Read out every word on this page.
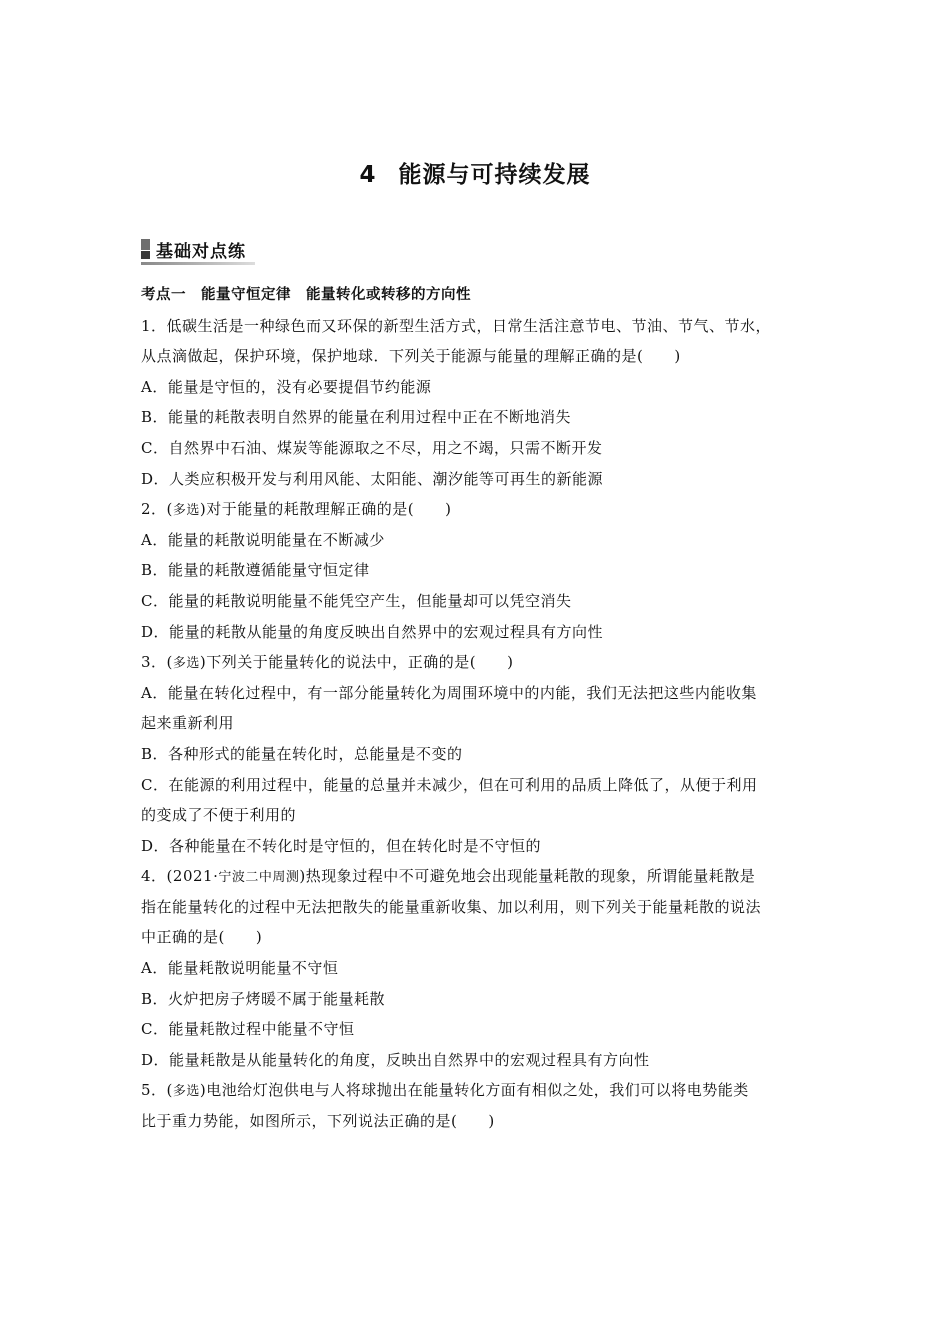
4 能源与可持续发展
基础对点练
考点一　能量守恒定律　能量转化或转移的方向性
1．低碳生活是一种绿色而又环保的新型生活方式，日常生活注意节电、节油、节气、节水，
从点滴做起，保护环境，保护地球．下列关于能源与能量的理解正确的是(　　)
A．能量是守恒的，没有必要提倡节约能源
B．能量的耗散表明自然界的能量在利用过程中正在不断地消失
C．自然界中石油、煤炭等能源取之不尽，用之不竭，只需不断开发
D．人类应积极开发与利用风能、太阳能、潮汐能等可再生的新能源
2．(多选)对于能量的耗散理解正确的是(　　)
A．能量的耗散说明能量在不断减少
B．能量的耗散遵循能量守恒定律
C．能量的耗散说明能量不能凭空产生，但能量却可以凭空消失
D．能量的耗散从能量的角度反映出自然界中的宏观过程具有方向性
3．(多选)下列关于能量转化的说法中，正确的是(　　)
A．能量在转化过程中，有一部分能量转化为周围环境中的内能，我们无法把这些内能收集
起来重新利用
B．各种形式的能量在转化时，总能量是不变的
C．在能源的利用过程中，能量的总量并未减少，但在可利用的品质上降低了，从便于利用
的变成了不便于利用的
D．各种能量在不转化时是守恒的，但在转化时是不守恒的
4．(2021·宁波二中周测)热现象过程中不可避免地会出现能量耗散的现象，所谓能量耗散是
指在能量转化的过程中无法把散失的能量重新收集、加以利用，则下列关于能量耗散的说法
中正确的是(　　)
A．能量耗散说明能量不守恒
B．火炉把房子烤暖不属于能量耗散
C．能量耗散过程中能量不守恒
D．能量耗散是从能量转化的角度，反映出自然界中的宏观过程具有方向性
5．(多选)电池给灯泡供电与人将球抛出在能量转化方面有相似之处，我们可以将电势能类
比于重力势能，如图所示，下列说法正确的是(　　)
